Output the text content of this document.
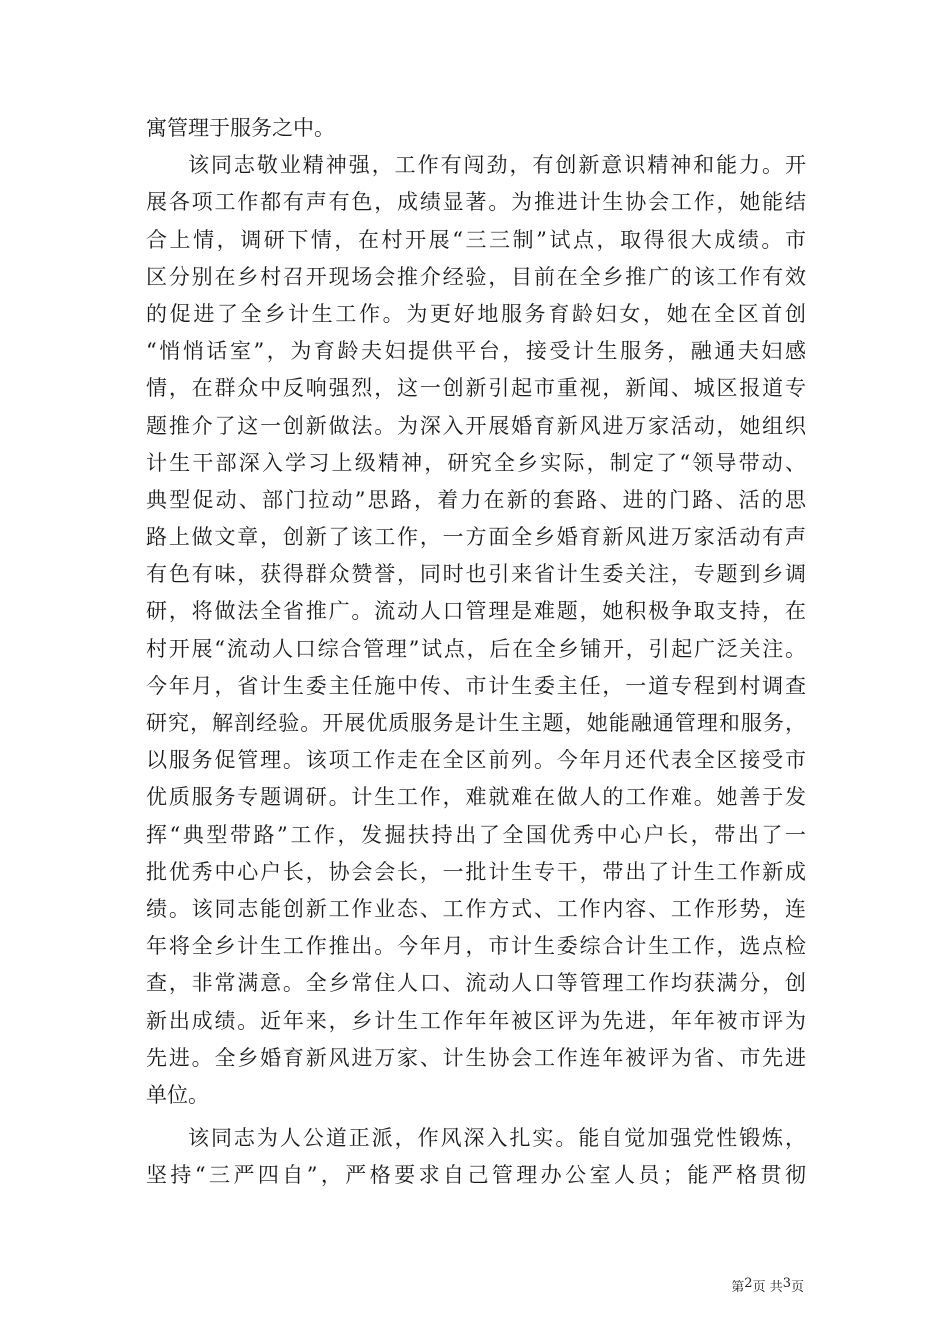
寓管理于服务之中。
该同志敬业精神强，工作有闯劲，有创新意识精神和能力。开
展各项工作都有声有色，成绩显著。为推进计生协会工作，她能结
合上情，调研下情，在村开展“三三制”试点，取得很大成绩。市
区分别在乡村召开现场会推介经验，目前在全乡推广的该工作有效
的促进了全乡计生工作。为更好地服务育龄妇女，她在全区首创
“悄悄话室”，为育龄夫妇提供平台，接受计生服务，融通夫妇感
情，在群众中反响强烈，这一创新引起市重视，新闻、城区报道专
题推介了这一创新做法。为深入开展婚育新风进万家活动，她组织
计生干部深入学习上级精神，研究全乡实际，制定了“领导带动、
典型促动、部门拉动”思路，着力在新的套路、进的门路、活的思
路上做文章，创新了该工作，一方面全乡婚育新风进万家活动有声
有色有味，获得群众赞誉，同时也引来省计生委关注，专题到乡调
研，将做法全省推广。流动人口管理是难题，她积极争取支持，在
村开展“流动人口综合管理”试点，后在全乡铺开，引起广泛关注。
今年月，省计生委主任施中传、市计生委主任，一道专程到村调查
研究，解剖经验。开展优质服务是计生主题，她能融通管理和服务，
以服务促管理。该项工作走在全区前列。今年月还代表全区接受市
优质服务专题调研。计生工作，难就难在做人的工作难。她善于发
挥“典型带路”工作，发掘扶持出了全国优秀中心户长，带出了一
批优秀中心户长，协会会长，一批计生专干，带出了计生工作新成
绩。该同志能创新工作业态、工作方式、工作内容、工作形势，连
年将全乡计生工作推出。今年月，市计生委综合计生工作，选点检
查，非常满意。全乡常住人口、流动人口等管理工作均获满分，创
新出成绩。近年来，乡计生工作年年被区评为先进，年年被市评为
先进。全乡婚育新风进万家、计生协会工作连年被评为省、市先进
单位。
该同志为人公道正派，作风深入扎实。能自觉加强党性锻炼，
坚持“三严四自”，严格要求自己管理办公室人员；能严格贯彻
第 2 页 共 3 页
